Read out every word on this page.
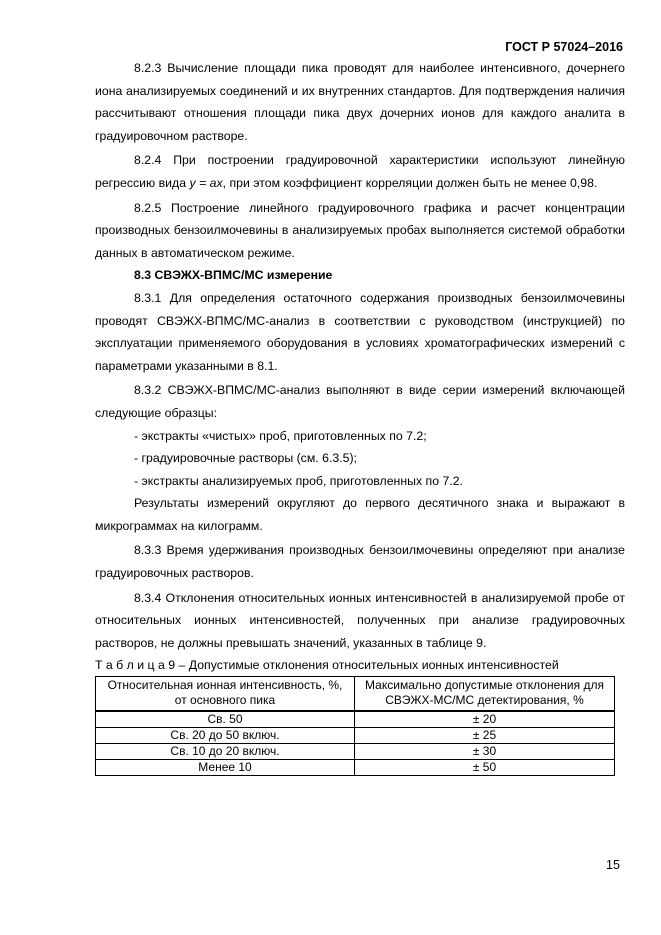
ГОСТ Р 57024–2016

8.2.3 Вычисление площади пика проводят для наиболее интенсивного, дочернего иона анализируемых соединений и их внутренних стандартов. Для подтверждения наличия рассчитывают отношения площади пика двух дочерних ионов для каждого аналита в градуировочном растворе.

8.2.4 При построении градуировочной характеристики используют линейную регрессию вида y = ax, при этом коэффициент корреляции должен быть не менее 0,98.

8.2.5 Построение линейного градуировочного графика и расчет концентрации производных бензоилмочевины в анализируемых пробах выполняется системой обработки данных в автоматическом режиме.

8.3 СВЭЖХ-ВПМС/МС измерение

8.3.1 Для определения остаточного содержания производных бензоилмочевины проводят СВЭЖХ-ВПМС/МС-анализ в соответствии с руководством (инструкцией) по эксплуатации применяемого оборудования в условиях хроматографических измерений с параметрами указанными в 8.1.

8.3.2 СВЭЖХ-ВПМС/МС-анализ выполняют в виде серии измерений включающей следующие образцы:

- экстракты «чистых» проб, приготовленных по 7.2;

- градуировочные растворы (см. 6.3.5);

- экстракты анализируемых проб, приготовленных по 7.2.

Результаты измерений округляют до первого десятичного знака и выражают в микрограммах на килограмм.

8.3.3 Время удерживания производных бензоилмочевины определяют при анализе градуировочных растворов.

8.3.4 Отклонения относительных ионных интенсивностей в анализируемой пробе от относительных ионных интенсивностей, полученных при анализе градуировочных растворов, не должны превышать значений, указанных в таблице 9.

Т а б л и ц а 9 – Допустимые отклонения относительных ионных интенсивностей

Относительная ионная интенсивность, %, от основного пика	Максимально допустимые отклонения для СВЭЖХ-МС/МС детектирования, %
Св. 50	± 20
Св. 20 до 50 включ.	± 25
Св. 10 до 20 включ.	± 30
Менее 10	± 50
15
